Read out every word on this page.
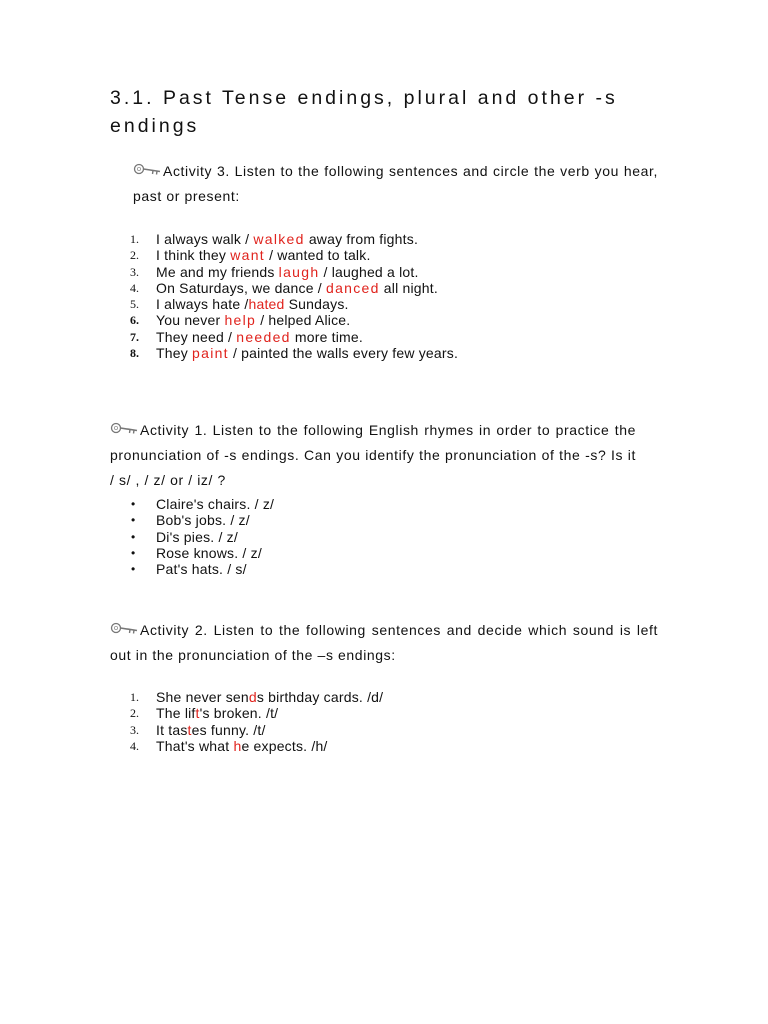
3.1. Past Tense endings, plural and other -s endings

Activity 3. Listen to the following sentences and circle the verb you hear, past or present:

1.	I always walk / walked away from fights.
2.	I think they want / wanted to talk.
3.	Me and my friends laugh / laughed a lot.
4.	On Saturdays, we dance / danced all night.
5.	I always hate /hated Sundays.
6.	You never help / helped Alice.
7.	They need / needed more time.
8.	They paint / painted the walls every few years.

Activity 1. Listen to the following English rhymes in order to practice the pronunciation of -s endings. Can you identify the pronunciation of the -s? Is it / s/ , / z/ or / iz/ ?

• Claire's chairs. / z/
• Bob's jobs. / z/
• Di's pies. / z/
• Rose knows. / z/
• Pat's hats. / s/

Activity 2. Listen to the following sentences and decide which sound is left out in the pronunciation of the –s endings:

1.	She never sends birthday cards. /d/
2.	The lift's broken. /t/
3.	It tastes funny. /t/
4.	That's what he expects. /h/
